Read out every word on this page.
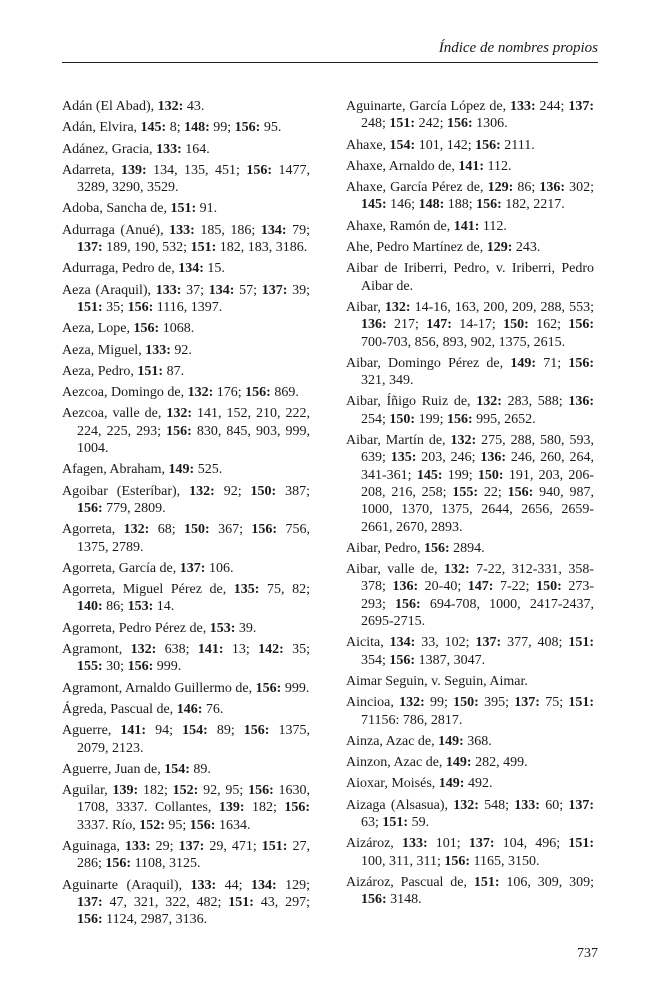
Índice de nombres propios

Adán (El Abad), 132: 43.

Adán, Elvira, 145: 8; 148: 99; 156: 95.

Adánez, Gracia, 133: 164.

Adarreta, 139: 134, 135, 451; 156: 1477, 3289, 3290, 3529.

Adoba, Sancha de, 151: 91.

Adurraga (Anué), 133: 185, 186; 134: 79; 137: 189, 190, 532; 151: 182, 183, 3186.

Adurraga, Pedro de, 134: 15.

Aeza (Araquil), 133: 37; 134: 57; 137: 39; 151: 35; 156: 1116, 1397.

Aeza, Lope, 156: 1068.

Aeza, Miguel, 133: 92.

Aeza, Pedro, 151: 87.

Aezcoa, Domingo de, 132: 176; 156: 869.

Aezcoa, valle de, 132: 141, 152, 210, 222, 224, 225, 293; 156: 830, 845, 903, 999, 1004.

Afagen, Abraham, 149: 525.

Agoibar (Esteríbar), 132: 92; 150: 387; 156: 779, 2809.

Agorreta, 132: 68; 150: 367; 156: 756, 1375, 2789.

Agorreta, García de, 137: 106.

Agorreta, Miguel Pérez de, 135: 75, 82; 140: 86; 153: 14.

Agorreta, Pedro Pérez de, 153: 39.

Agramont, 132: 638; 141: 13; 142: 35; 155: 30; 156: 999.

Agramont, Arnaldo Guillermo de, 156: 999.

Ágreda, Pascual de, 146: 76.

Aguerre, 141: 94; 154: 89; 156: 1375, 2079, 2123.

Aguerre, Juan de, 154: 89.

Aguilar, 139: 182; 152: 92, 95; 156: 1630, 1708, 3337. Collantes, 139: 182; 156: 3337. Río, 152: 95; 156: 1634.

Aguinaga, 133: 29; 137: 29, 471; 151: 27, 286; 156: 1108, 3125.

Aguinarte (Araquil), 133: 44; 134: 129; 137: 47, 321, 322, 482; 151: 43, 297; 156: 1124, 2987, 3136.

Aguinarte, García López de, 133: 244; 137: 248; 151: 242; 156: 1306.

Ahaxe, 154: 101, 142; 156: 2111.

Ahaxe, Arnaldo de, 141: 112.

Ahaxe, García Pérez de, 129: 86; 136: 302; 145: 146; 148: 188; 156: 182, 2217.

Ahaxe, Ramón de, 141: 112.

Ahe, Pedro Martínez de, 129: 243.

Aibar de Iriberri, Pedro, v. Iriberri, Pedro Aibar de.

Aibar, 132: 14-16, 163, 200, 209, 288, 553; 136: 217; 147: 14-17; 150: 162; 156: 700-703, 856, 893, 902, 1375, 2615.

Aibar, Domingo Pérez de, 149: 71; 156: 321, 349.

Aibar, Íñigo Ruiz de, 132: 283, 588; 136: 254; 150: 199; 156: 995, 2652.

Aibar, Martín de, 132: 275, 288, 580, 593, 639; 135: 203, 246; 136: 246, 260, 264, 341-361; 145: 199; 150: 191, 203, 206-208, 216, 258; 155: 22; 156: 940, 987, 1000, 1370, 1375, 2644, 2656, 2659-2661, 2670, 2893.

Aibar, Pedro, 156: 2894.

Aibar, valle de, 132: 7-22, 312-331, 358-378; 136: 20-40; 147: 7-22; 150: 273-293; 156: 694-708, 1000, 2417-2437, 2695-2715.

Aicita, 134: 33, 102; 137: 377, 408; 151: 354; 156: 1387, 3047.

Aimar Seguin, v. Seguin, Aimar.

Aincioa, 132: 99; 150: 395; 137: 75; 151: 71156: 786, 2817.

Ainza, Azac de, 149: 368.

Ainzon, Azac de, 149: 282, 499.

Aioxar, Moisés, 149: 492.

Aizaga (Alsasua), 132: 548; 133: 60; 137: 63; 151: 59.

Aizároz, 133: 101; 137: 104, 496; 151: 100, 311, 311; 156: 1165, 3150.

Aizároz, Pascual de, 151: 106, 309, 309; 156: 3148.

737
